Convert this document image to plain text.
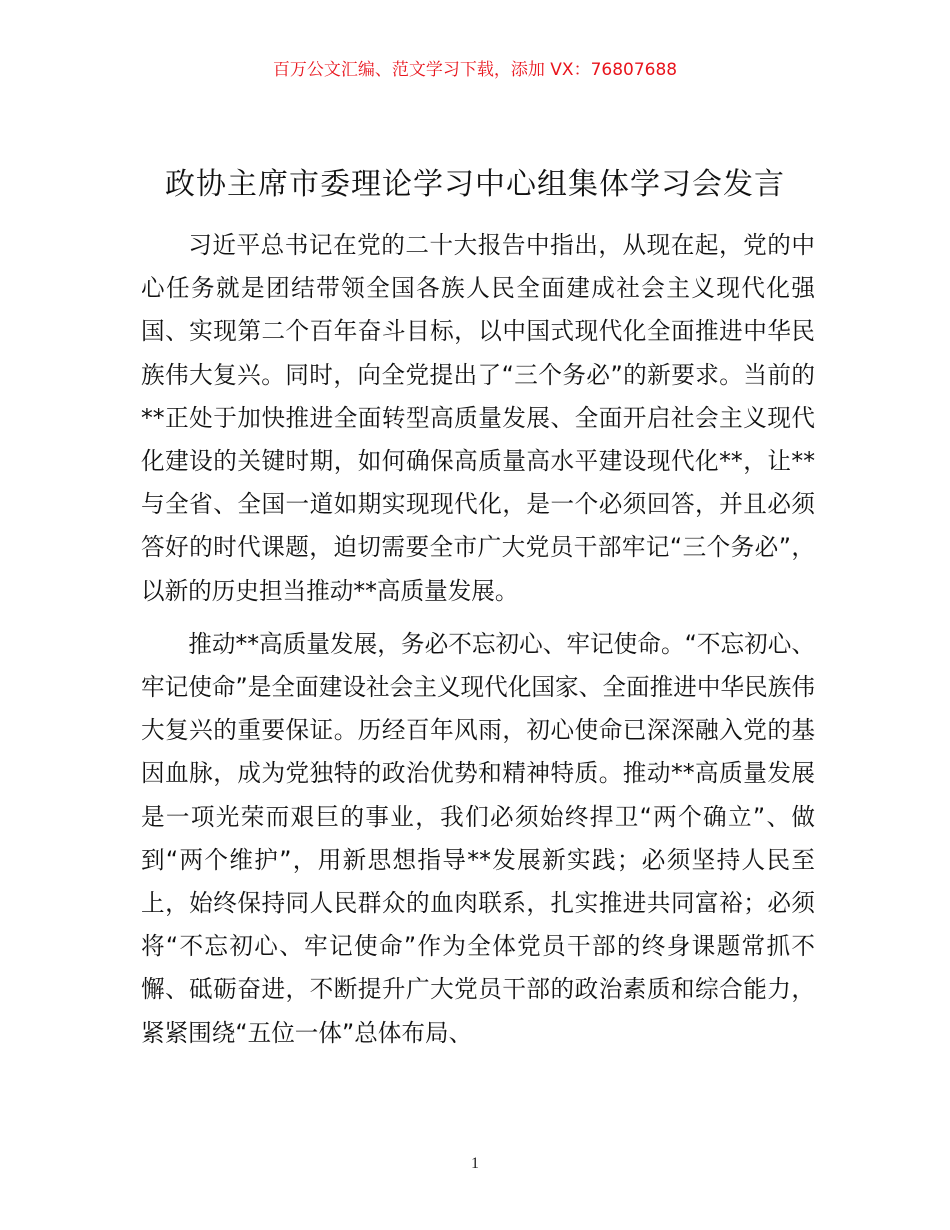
百万公文汇编、范文学习下载，添加 VX：76807688
政协主席市委理论学习中心组集体学习会发言

习近平总书记在党的二十大报告中指出，从现在起，党的中心任务就是团结带领全国各族人民全面建成社会主义现代化强国、实现第二个百年奋斗目标，以中国式现代化全面推进中华民族伟大复兴。同时，向全党提出了“三个务必”的新要求。当前的**正处于加快推进全面转型高质量发展、全面开启社会主义现代化建设的关键时期，如何确保高质量高水平建设现代化**，让**与全省、全国一道如期实现现代化，是一个必须回答，并且必须答好的时代课题，迫切需要全市广大党员干部牢记“三个务必”，以新的历史担当推动**高质量发展。

推动**高质量发展，务必不忘初心、牢记使命。“不忘初心、牢记使命”是全面建设社会主义现代化国家、全面推进中华民族伟大复兴的重要保证。历经百年风雨，初心使命已深深融入党的基因血脉，成为党独特的政治优势和精神特质。推动**高质量发展是一项光荣而艰巨的事业，我们必须始终捍卫“两个确立”、做到“两个维护”，用新思想指导**发展新实践；必须坚持人民至上，始终保持同人民群众的血肉联系，扎实推进共同富裕；必须将“不忘初心、牢记使命”作为全体党员干部的终身课题常抓不懈、砥砺奋进，不断提升广大党员干部的政治素质和综合能力，紧紧围绕“五位一体”总体布局、

1
